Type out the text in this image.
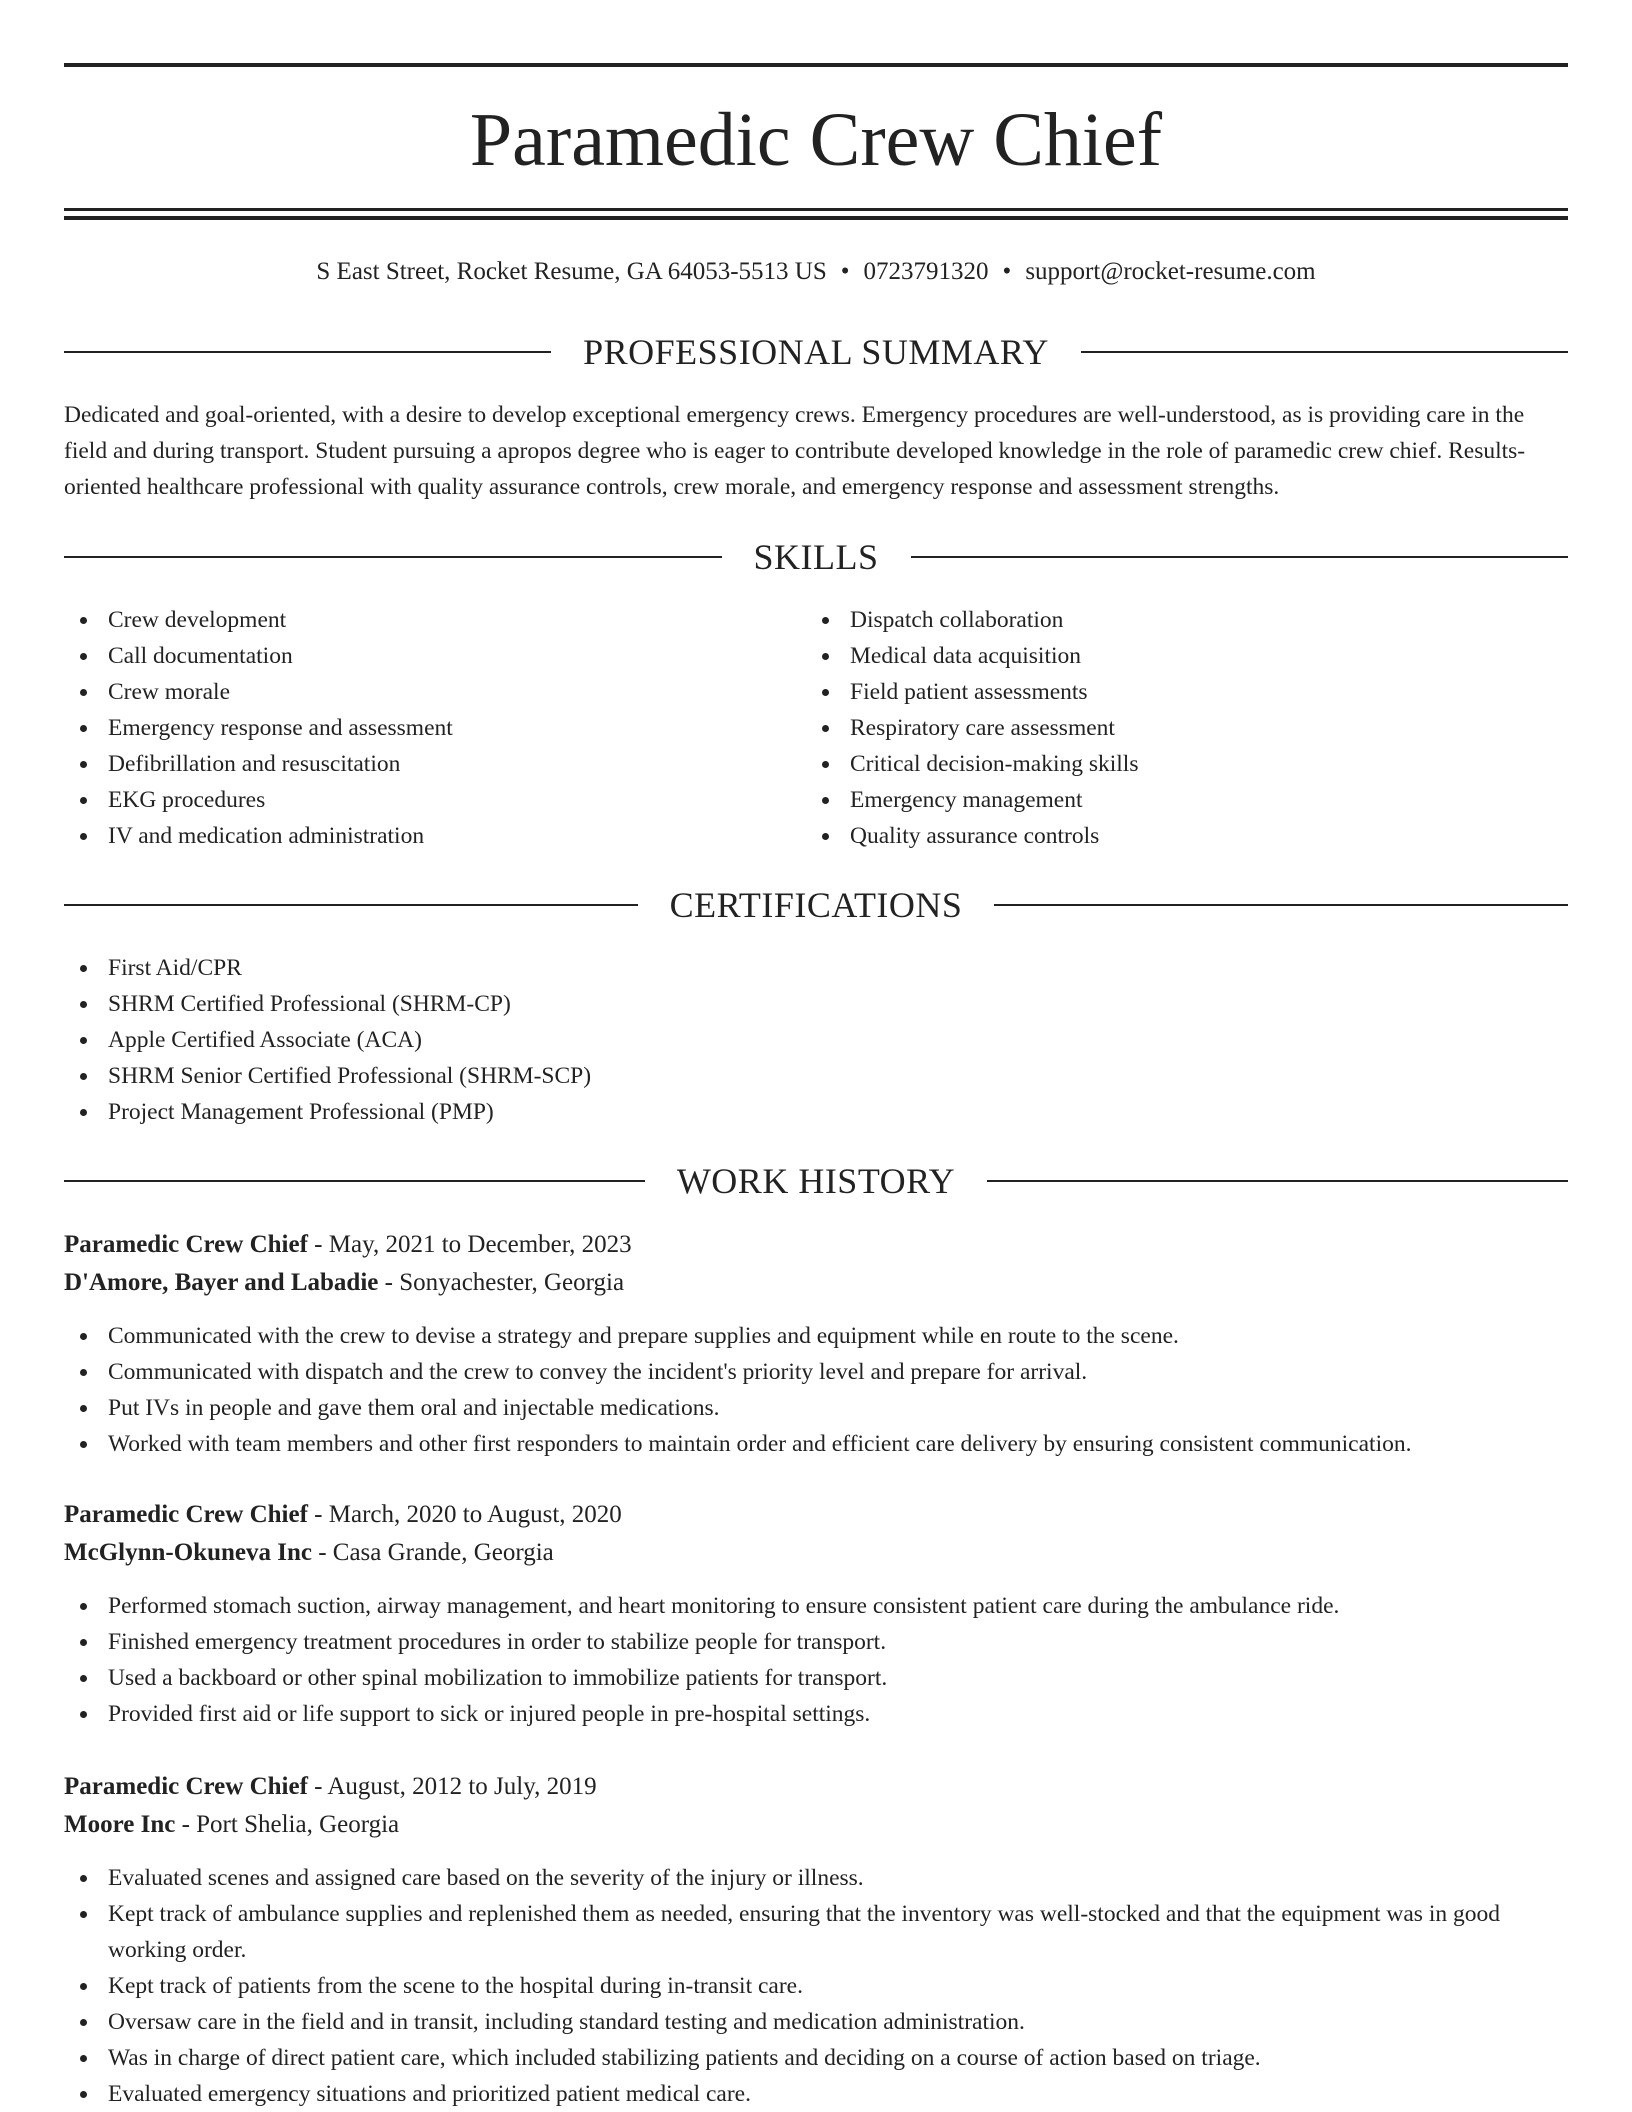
Paramedic Crew Chief
S East Street, Rocket Resume, GA 64053-5513 US • 0723791320 • support@rocket-resume.com
PROFESSIONAL SUMMARY

Dedicated and goal-oriented, with a desire to develop exceptional emergency crews. Emergency procedures are well-understood, as is providing care in the field and during transport. Student pursuing a apropos degree who is eager to contribute developed knowledge in the role of paramedic crew chief. Results-oriented healthcare professional with quality assurance controls, crew morale, and emergency response and assessment strengths.

SKILLS
Crew development
Call documentation
Crew morale
Emergency response and assessment
Defibrillation and resuscitation
EKG procedures
IV and medication administration
Dispatch collaboration
Medical data acquisition
Field patient assessments
Respiratory care assessment
Critical decision-making skills
Emergency management
Quality assurance controls
CERTIFICATIONS
First Aid/CPR
SHRM Certified Professional (SHRM-CP)
Apple Certified Associate (ACA)
SHRM Senior Certified Professional (SHRM-SCP)
Project Management Professional (PMP)
WORK HISTORY
Paramedic Crew Chief - May, 2021 to December, 2023
D'Amore, Bayer and Labadie - Sonyachester, Georgia
Communicated with the crew to devise a strategy and prepare supplies and equipment while en route to the scene.
Communicated with dispatch and the crew to convey the incident's priority level and prepare for arrival.
Put IVs in people and gave them oral and injectable medications.
Worked with team members and other first responders to maintain order and efficient care delivery by ensuring consistent communication.
Paramedic Crew Chief - March, 2020 to August, 2020
McGlynn-Okuneva Inc - Casa Grande, Georgia
Performed stomach suction, airway management, and heart monitoring to ensure consistent patient care during the ambulance ride.
Finished emergency treatment procedures in order to stabilize people for transport.
Used a backboard or other spinal mobilization to immobilize patients for transport.
Provided first aid or life support to sick or injured people in pre-hospital settings.
Paramedic Crew Chief - August, 2012 to July, 2019
Moore Inc - Port Shelia, Georgia
Evaluated scenes and assigned care based on the severity of the injury or illness.
Kept track of ambulance supplies and replenished them as needed, ensuring that the inventory was well-stocked and that the equipment was in good working order.
Kept track of patients from the scene to the hospital during in-transit care.
Oversaw care in the field and in transit, including standard testing and medication administration.
Was in charge of direct patient care, which included stabilizing patients and deciding on a course of action based on triage.
Evaluated emergency situations and prioritized patient medical care.
